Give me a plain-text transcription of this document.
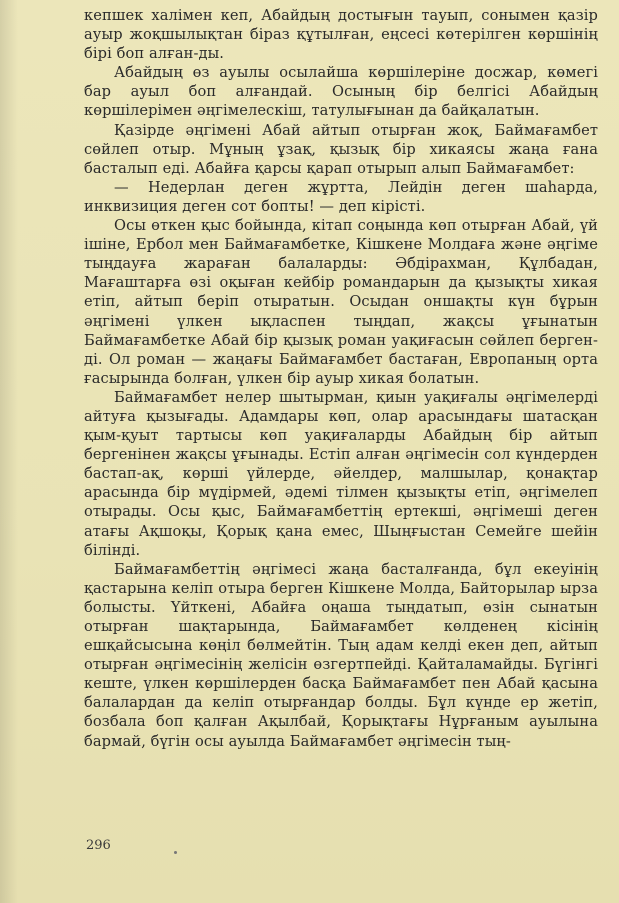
кепшек халімен кеп, Абайдың достығын тауып, сонымен қазір ауыр жоқшылықтан біраз құтылған, еңсесі көтерілген көршінің бірі боп алған-ды.

Абайдың өз ауылы осылайша көршілеріне досжар, көмегі бар ауыл боп алғандай. Осының бір белгісі Абайдың көршілерімен әңгімелескіш, татулығынан да байқалатын.

Қазірде әңгімені Абай айтып отырған жоқ, Баймағамбет сөйлеп отыр. Мұның ұзақ, қызық бір хикаясы жаңа ғана басталып еді. Абайға қарсы қарап отырып алып Баймағамбет:

— Недерлан деген жұртта, Лейдін деген шаһарда, инквизиция деген сот бопты! — деп кірісті.

Осы өткен қыс бойында, кітап соңында көп отырған Абай, үй ішіне, Ербол мен Баймағамбетке, Кішкене Молдаға және әңгіме тыңдауға жараған балаларды: Әбдірахман, Құлбадан, Мағаштарға өзі оқыған кейбір романдарын да қызықты хикая етіп, айтып беріп отыратын. Осыдан оншақты күн бұрын әңгімені үлкен ықласпен тыңдап, жақсы ұғынатын Баймағамбетке Абай бір қызық роман уақиғасын сөйлеп берген-ді. Ол роман — жаңағы Баймағамбет бастаған, Европаның орта ғасырында болған, үлкен бір ауыр хикая болатын.

Баймағамбет нелер шытырман, қиын уақиғалы әңгімелерді айтуға қызығады. Адамдары көп, олар арасындағы шатасқан қым-қуыт тартысы көп уақиғаларды Абайдың бір айтып бергенінен жақсы ұғынады. Естіп алған әңгімесін сол күндерден бастап-ақ, көрші үйлерде, әйелдер, малшылар, қонақтар арасында бір мүдірмей, әдемі тілмен қызықты етіп, әңгімелеп отырады. Осы қыс, Баймағамбеттің ертекші, әңгімеші деген атағы Ақшоқы, Қорық қана емес, Шыңғыстан Семейге шейін білінді.

Баймағамбеттің әңгімесі жаңа басталғанда, бұл екеуінің қастарына келіп отыра берген Кішкене Молда, Байторылар ырза болысты. Үйткені, Абайға оңаша тыңдатып, өзін сынатын отырған шақтарында, Баймағамбет көлденең кісінің ешқайсысына көңіл бөлмейтін. Тың адам келді екен деп, айтып отырған әңгімесінің желісін өзгертпейді. Қайталамайды. Бүгінгі кеште, үлкен көршілерден басқа Баймағамбет пен Абай қасына балалардан да келіп отырғандар болды. Бұл күнде ер жетіп, бозбала боп қалған Ақылбай, Қорықтағы Нұрғаным ауылына бармай, бүгін осы ауылда Баймағамбет әңгімесін тың-

296
